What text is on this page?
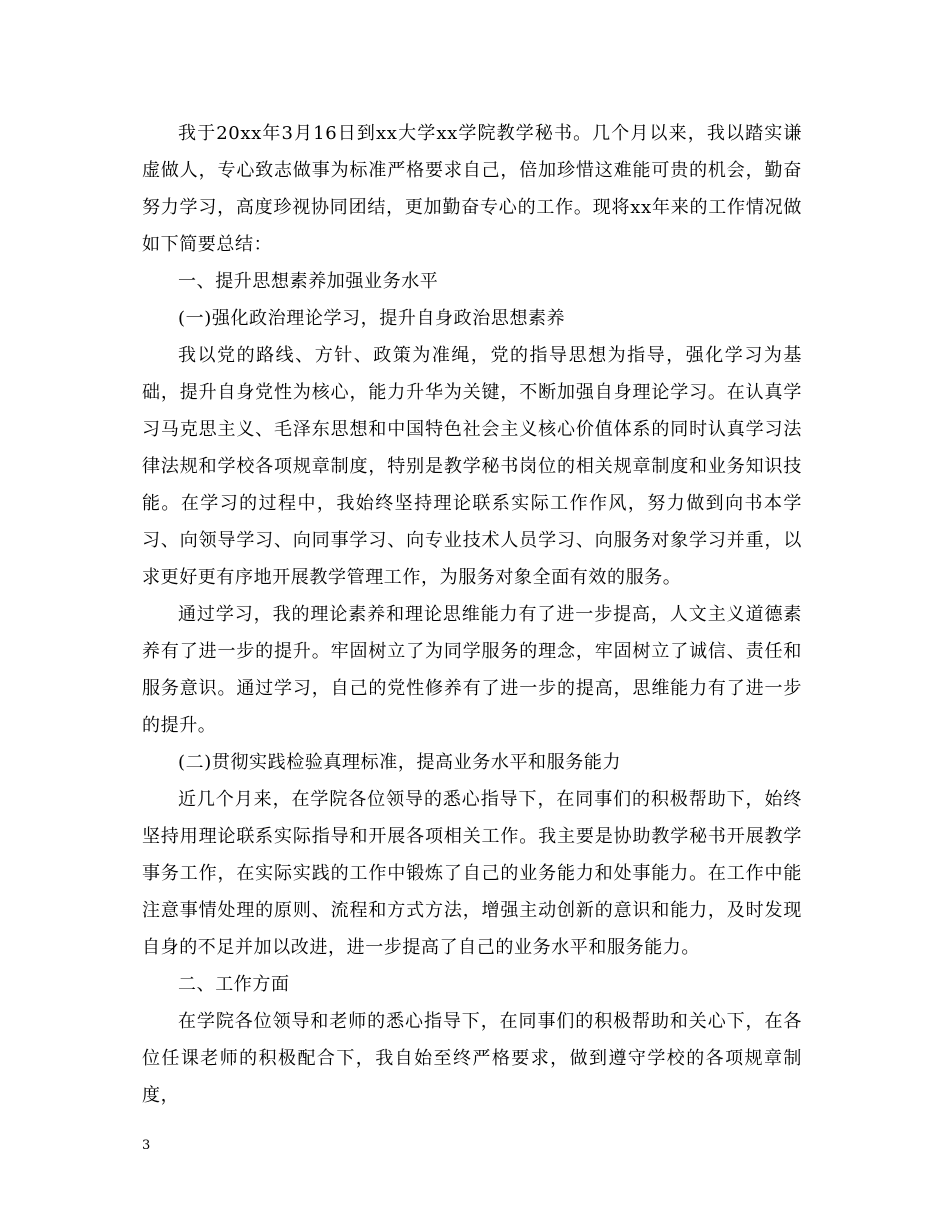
我于20xx年3月16日到xx大学xx学院教学秘书。几个月以来，我以踏实谦虚做人，专心致志做事为标准严格要求自己，倍加珍惜这难能可贵的机会，勤奋努力学习，高度珍视协同团结，更加勤奋专心的工作。现将xx年来的工作情况做如下简要总结：

一、提升思想素养加强业务水平

(一)强化政治理论学习，提升自身政治思想素养

我以党的路线、方针、政策为准绳，党的指导思想为指导，强化学习为基础，提升自身党性为核心，能力升华为关键，不断加强自身理论学习。在认真学习马克思主义、毛泽东思想和中国特色社会主义核心价值体系的同时认真学习法律法规和学校各项规章制度，特别是教学秘书岗位的相关规章制度和业务知识技能。在学习的过程中，我始终坚持理论联系实际工作作风，努力做到向书本学习、向领导学习、向同事学习、向专业技术人员学习、向服务对象学习并重，以求更好更有序地开展教学管理工作，为服务对象全面有效的服务。

通过学习，我的理论素养和理论思维能力有了进一步提高，人文主义道德素养有了进一步的提升。牢固树立了为同学服务的理念，牢固树立了诚信、责任和服务意识。通过学习，自己的党性修养有了进一步的提高，思维能力有了进一步的提升。

(二)贯彻实践检验真理标准，提高业务水平和服务能力

近几个月来，在学院各位领导的悉心指导下，在同事们的积极帮助下，始终坚持用理论联系实际指导和开展各项相关工作。我主要是协助教学秘书开展教学事务工作，在实际实践的工作中锻炼了自己的业务能力和处事能力。在工作中能注意事情处理的原则、流程和方式方法，增强主动创新的意识和能力，及时发现自身的不足并加以改进，进一步提高了自己的业务水平和服务能力。

二、工作方面

在学院各位领导和老师的悉心指导下，在同事们的积极帮助和关心下，在各位任课老师的积极配合下，我自始至终严格要求，做到遵守学校的各项规章制度，

3
